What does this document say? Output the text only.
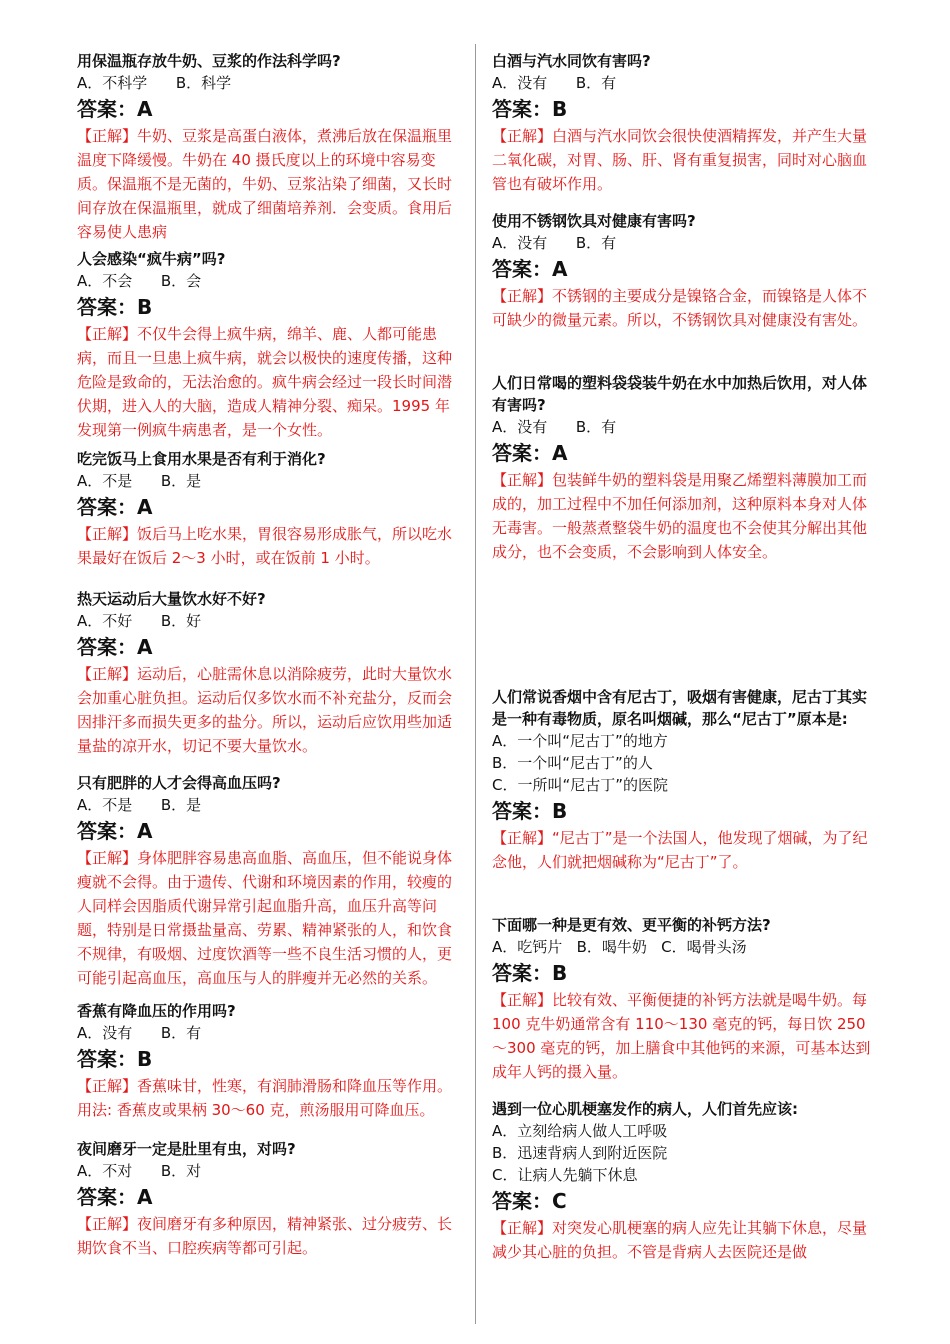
用保温瓶存放牛奶、豆浆的作法科学吗?
A．不科学      B．科学
答案：A
【正解】牛奶、豆浆是高蛋白液体，煮沸后放在保温瓶里温度下降缓慢。牛奶在 40 摄氏度以上的环境中容易变质。保温瓶不是无菌的，牛奶、豆浆沾染了细菌，又长时间存放在保温瓶里，就成了细菌培养剂．会变质。食用后容易使人患病
人会感染“疯牛病”吗?
A．不会      B．会
答案：B
【正解】不仅牛会得上疯牛病，绵羊、鹿、人都可能患病，而且一旦患上疯牛病，就会以极快的速度传播，这种危险是致命的，无法治愈的。疯牛病会经过一段长时间潜伏期，进入人的大脑，造成人精神分裂、痴呆。1995 年发现第一例疯牛病患者，是一个女性。
吃完饭马上食用水果是否有利于消化?
A．不是      B．是
答案：A
【正解】饭后马上吃水果，胃很容易形成胀气，所以吃水果最好在饭后 2～3 小时，或在饭前 1 小时。
热天运动后大量饮水好不好?
A．不好      B．好
答案：A
【正解】运动后，心脏需休息以消除疲劳，此时大量饮水会加重心脏负担。运动后仅多饮水而不补充盐分，反而会因排汗多而损失更多的盐分。所以，运动后应饮用些加适量盐的凉开水，切记不要大量饮水。
只有肥胖的人才会得高血压吗?
A．不是      B．是
答案：A
【正解】身体肥胖容易患高血脂、高血压，但不能说身体瘦就不会得。由于遗传、代谢和环境因素的作用，较瘦的人同样会因脂质代谢异常引起血脂升高，血压升高等问题，特别是日常摄盐量高、劳累、精神紧张的人，和饮食不规律，有吸烟、过度饮酒等一些不良生活习惯的人，更可能引起高血压，高血压与人的胖瘦并无必然的关系。
香蕉有降血压的作用吗?
A．没有      B．有
答案：B
【正解】香蕉味甘，性寒，有润肺滑肠和降血压等作用。用法: 香蕉皮或果柄 30～60 克，煎汤服用可降血压。
夜间磨牙一定是肚里有虫，对吗?
A．不对      B．对
答案：A
【正解】夜间磨牙有多种原因，精神紧张、过分疲劳、长期饮食不当、口腔疾病等都可引起。
白酒与汽水同饮有害吗?
A．没有      B．有
答案：B
【正解】白酒与汽水同饮会很快使酒精挥发，并产生大量二氧化碳，对胃、肠、肝、肾有重复损害，同时对心脑血管也有破坏作用。
使用不锈钢饮具对健康有害吗?
A．没有      B．有
答案：A
【正解】不锈钢的主要成分是镍铬合金，而镍铬是人体不可缺少的微量元素。所以，不锈钢饮具对健康没有害处。
人们日常喝的塑料袋袋装牛奶在水中加热后饮用，对人体有害吗?
A．没有      B．有
答案：A
【正解】包装鲜牛奶的塑料袋是用聚乙烯塑料薄膜加工而成的，加工过程中不加任何添加剂，这种原料本身对人体无毒害。一般蒸煮整袋牛奶的温度也不会使其分解出其他成分，也不会变质，不会影响到人体安全。
人们常说香烟中含有尼古丁，吸烟有害健康，尼古丁其实是一种有毒物质，原名叫烟碱，那么“尼古丁”原本是:
A．一个叫“尼古丁”的地方
B．一个叫“尼古丁”的人
C．一所叫“尼古丁”的医院
答案：B
【正解】“尼古丁”是一个法国人，他发现了烟碱，为了纪念他，人们就把烟碱称为“尼古丁”了。
下面哪一种是更有效、更平衡的补钙方法?
A．吃钙片   B．喝牛奶   C．喝骨头汤
答案：B
【正解】比较有效、平衡便捷的补钙方法就是喝牛奶。每 100 克牛奶通常含有 110～130 毫克的钙，每日饮 250～300 毫克的钙，加上膳食中其他钙的来源，可基本达到成年人钙的摄入量。
遇到一位心肌梗塞发作的病人，人们首先应该:
A．立刻给病人做人工呼吸
B．迅速背病人到附近医院
C．让病人先躺下休息
答案：C
【正解】对突发心肌梗塞的病人应先让其躺下休息，尽量减少其心脏的负担。不管是背病人去医院还是做
